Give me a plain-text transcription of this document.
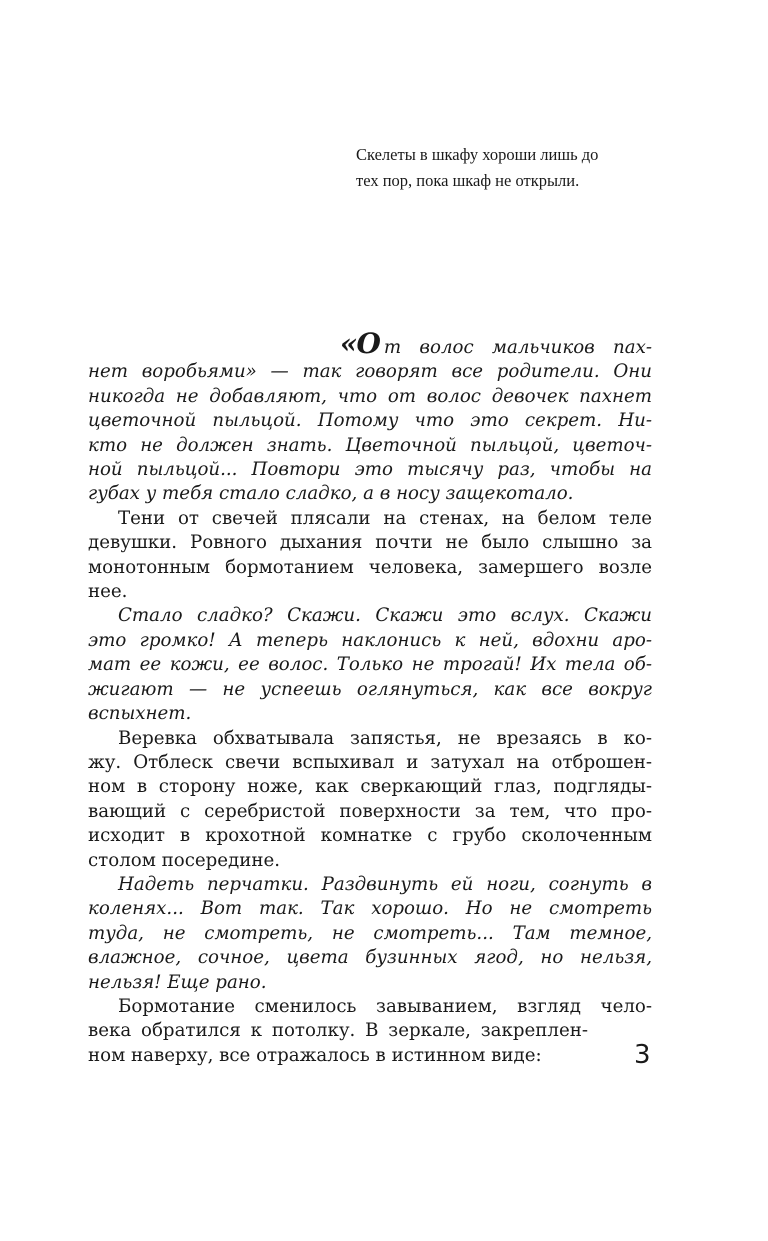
Скелеты в шкафу хороши лишь до
тех пор, пока шкаф не открыли.
«О т волос мальчиков пах-
нет воробьями» — так говорят все родители. Они
никогда не добавляют, что от волос девочек пахнет
цветочной пыльцой. Потому что это секрет. Ни-
кто не должен знать. Цветочной пыльцой, цветоч-
ной пыльцой... Повтори это тысячу раз, чтобы на
губах у тебя стало сладко, а в носу защекотало.
Тени от свечей плясали на стенах, на белом теле
девушки. Ровного дыхания почти не было слышно за
монотонным бормотанием человека, замершего возле
нее.
Стало сладко? Скажи. Скажи это вслух. Скажи
это громко! А теперь наклонись к ней, вдохни аро-
мат ее кожи, ее волос. Только не трогай! Их тела об-
жигают — не успеешь оглянуться, как все вокруг
вспыхнет.
Веревка обхватывала запястья, не врезаясь в ко-
жу. Отблеск свечи вспыхивал и затухал на отброшен-
ном в сторону ноже, как сверкающий глаз, подгляды-
вающий с серебристой поверхности за тем, что про-
исходит в крохотной комнатке с грубо сколоченным
столом посередине.
Надеть перчатки. Раздвинуть ей ноги, согнуть в
коленях... Вот так. Так хорошо. Но не смотреть
туда, не смотреть, не смотреть... Там темное,
влажное, сочное, цвета бузинных ягод, но нельзя,
нельзя! Еще рано.
Бормотание сменилось завыванием, взгляд чело-
века обратился к потолку. В зеркале, закреплен-
ном наверху, все отражалось в истинном виде:	3
